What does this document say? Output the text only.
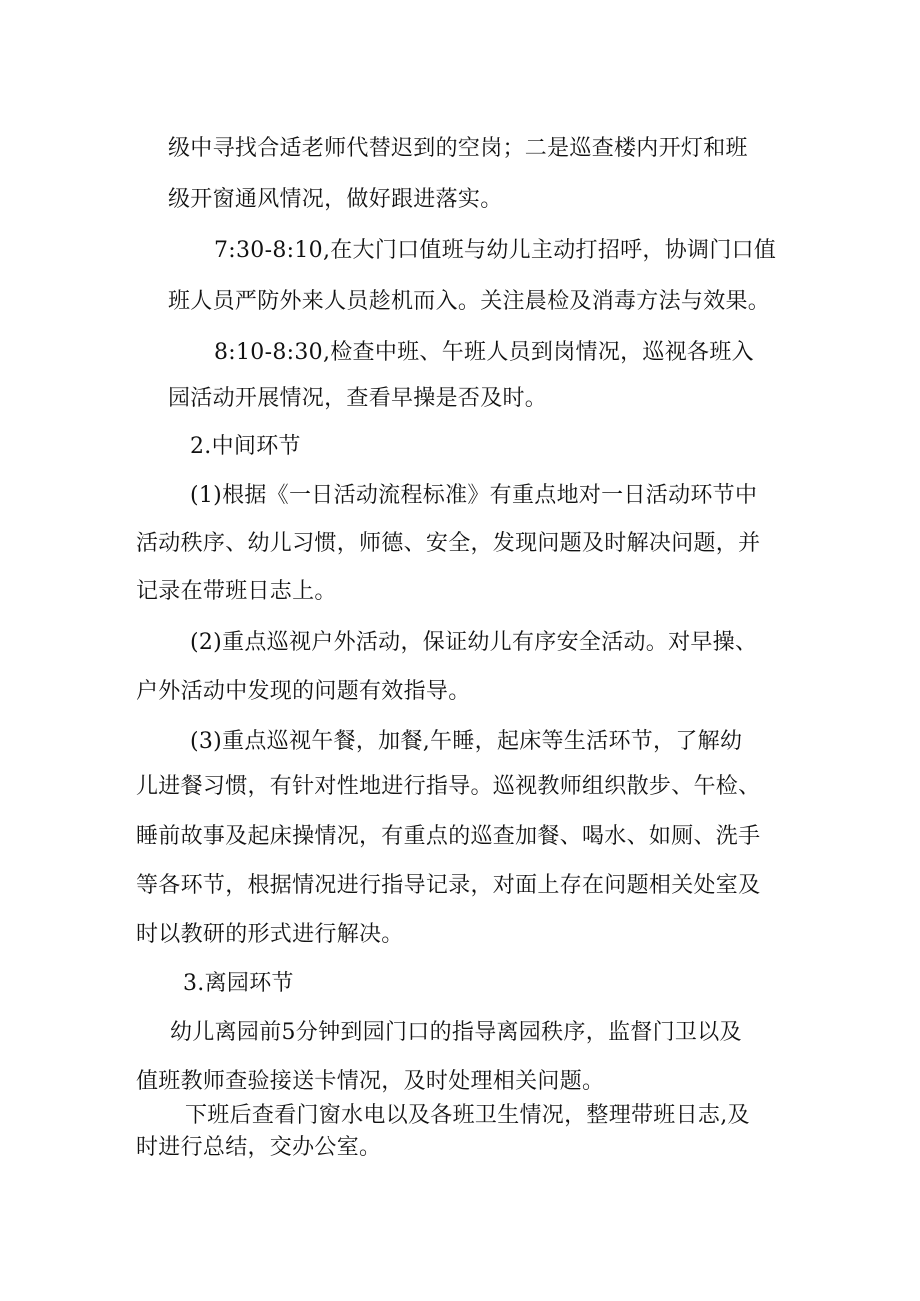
级中寻找合适老师代替迟到的空岗；二是巡查楼内开灯和班
级开窗通风情况，做好跟进落实。
7:30-8:10,在大门口值班与幼儿主动打招呼，协调门口值
班人员严防外来人员趁机而入。关注晨检及消毒方法与效果。
8:10-8:30,检查中班、午班人员到岗情况，巡视各班入
园活动开展情况，查看早操是否及时。
2.中间环节
(1)根据《一日活动流程标准》有重点地对一日活动环节中
活动秩序、幼儿习惯，师德、安全，发现问题及时解决问题，并
记录在带班日志上。
(2)重点巡视户外活动，保证幼儿有序安全活动。对早操、
户外活动中发现的问题有效指导。
(3)重点巡视午餐，加餐,午睡，起床等生活环节，了解幼
儿进餐习惯，有针对性地进行指导。巡视教师组织散步、午检、
睡前故事及起床操情况，有重点的巡查加餐、喝水、如厕、洗手
等各环节，根据情况进行指导记录，对面上存在问题相关处室及
时以教研的形式进行解决。
3.离园环节
幼儿离园前5分钟到园门口的指导离园秩序，监督门卫以及
值班教师查验接送卡情况，及时处理相关问题。
下班后查看门窗水电以及各班卫生情况，整理带班日志,及
时进行总结，交办公室。
